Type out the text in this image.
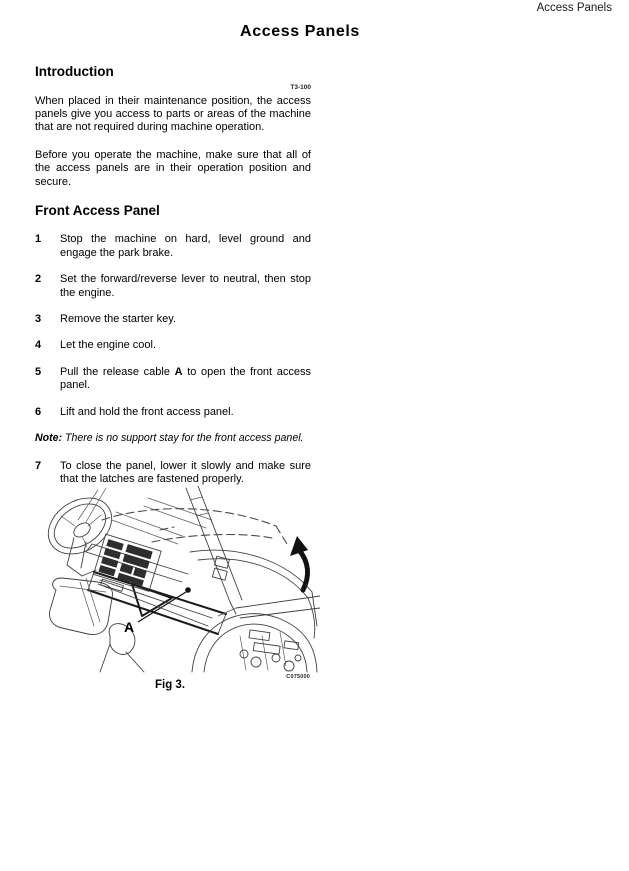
Access Panels
Access Panels
Introduction
T3-100

When placed in their maintenance position, the access panels give you access to parts or areas of the machine that are not required during machine operation.

Before you operate the machine, make sure that all of the access panels are in their operation position and secure.

Front Access Panel
1	Stop the machine on hard, level ground and engage the park brake.
2	Set the forward/reverse lever to neutral, then stop the engine.
3	Remove the starter key.
4	Let the engine cool.
5	Pull the release cable A to open the front access panel.
6	Lift and hold the front access panel.
Note: There is no support stay for the front access panel.
7	To close the panel, lower it slowly and make sure that the latches are fastened properly.
A
C075000
Fig 3.
